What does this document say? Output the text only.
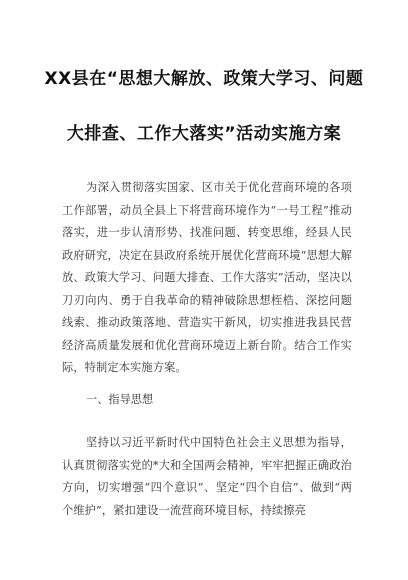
XX县在“思想大解放、政策大学习、问题
大排查、工作大落实”活动实施方案
为深入贯彻落实国家、区市关于优化营商环境的各项工作部署，动员全县上下将营商环境作为“一号工程”推动落实，进一步认清形势、找准问题、转变思维，经县人民政府研究，决定在县政府系统开展优化营商环境“思想大解放、政策大学习、问题大排查、工作大落实”活动，坚决以刀刃向内、勇于自我革命的精神破除思想桎梏、深挖问题线索、推动政策落地、营造实干新风，切实推进我县民营经济高质量发展和优化营商环境迈上新台阶。结合工作实际，特制定本实施方案。
一、指导思想
坚持以习近平新时代中国特色社会主义思想为指导，认真贯彻落实党的*大和全国两会精神，牢牢把握正确政治方向，切实增强“四个意识”、坚定“四个自信”、做到“两个维护”，紧扣建设一流营商环境目标，持续擦亮
